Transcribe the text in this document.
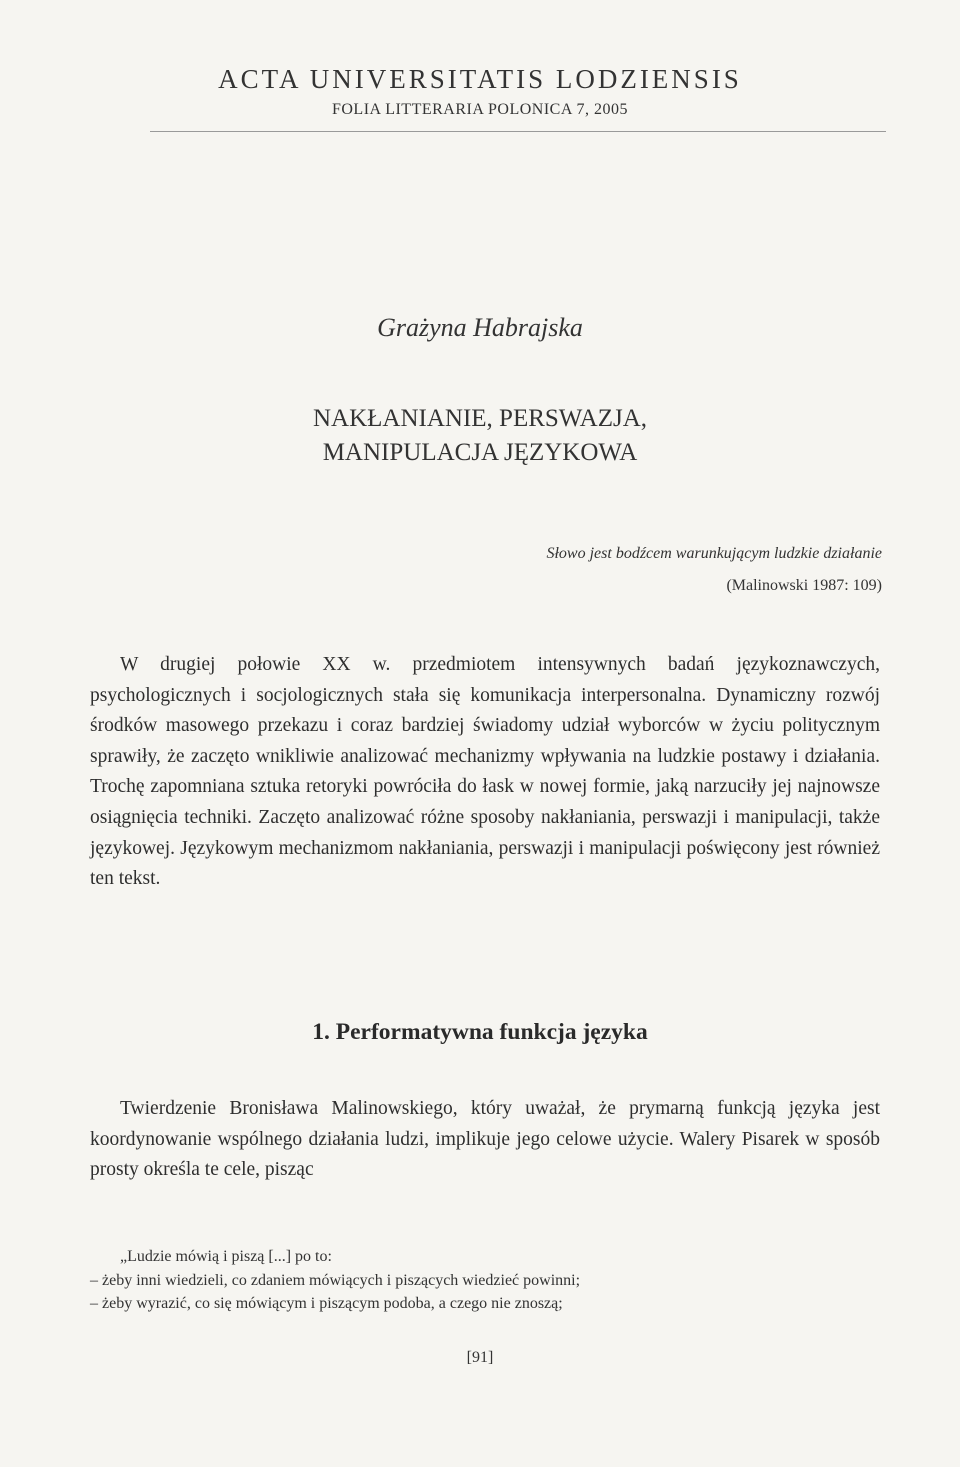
ACTA UNIVERSITATIS LODZIENSIS
FOLIA LITTERARIA POLONICA 7, 2005
Grażyna Habrajska
NAKŁANIANIE, PERSWAZJA,
MANIPULACJA JĘZYKOWA
Słowo jest bodźcem warunkującym ludzkie działanie
(Malinowski 1987: 109)

W drugiej połowie XX w. przedmiotem intensywnych badań językoznawczych, psychologicznych i socjologicznych stała się komunikacja interpersonalna. Dynamiczny rozwój środków masowego przekazu i coraz bardziej świadomy udział wyborców w życiu politycznym sprawiły, że zaczęto wnikliwie analizować mechanizmy wpływania na ludzkie postawy i działania. Trochę zapomniana sztuka retoryki powróciła do łask w nowej formie, jaką narzuciły jej najnowsze osiągnięcia techniki. Zaczęto analizować różne sposoby nakłaniania, perswazji i manipulacji, także językowej. Językowym mechanizmom nakłaniania, perswazji i manipulacji poświęcony jest również ten tekst.

1. Performatywna funkcja języka

Twierdzenie Bronisława Malinowskiego, który uważał, że prymarną funkcją języka jest koordynowanie wspólnego działania ludzi, implikuje jego celowe użycie. Walery Pisarek w sposób prosty określa te cele, pisząc

„Ludzie mówią i piszą [...] po to:
– żeby inni wiedzieli, co zdaniem mówiących i piszących wiedzieć powinni;
– żeby wyrazić, co się mówiącym i piszącym podoba, a czego nie znoszą;
[91]
